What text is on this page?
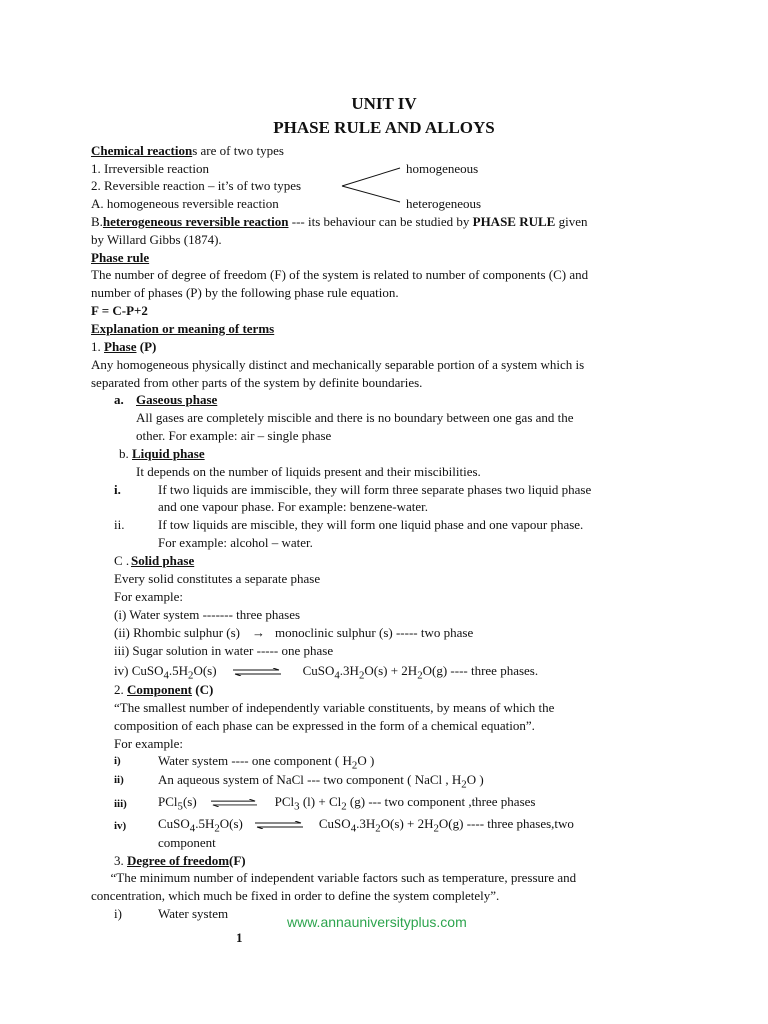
UNIT IV
PHASE RULE AND ALLOYS
Chemical reactions are of two types
1. Irreversible reaction	homogeneous
2. Reversible reaction – it’s of two types
A. homogeneous reversible reaction	heterogeneous
B.heterogeneous reversible reaction --- its behaviour can be studied by PHASE RULE given
by Willard Gibbs (1874).
Phase rule
The number of degree of freedom (F) of the system is related to number of components (C) and
number of phases (P) by the following phase rule equation.
F = C-P+2
Explanation or meaning of terms
1. Phase (P)
Any homogeneous physically distinct and mechanically separable portion of a system which is
separated from other parts of the system by definite boundaries.
a. Gaseous phase
All gases are completely miscible and there is no boundary between one gas and the
other. For example: air – single phase
b. Liquid phase
It depends on the number of liquids present and their miscibilities.
i.	If two liquids are immiscible, they will form three separate phases two liquid phase
and one vapour phase. For example: benzene-water.
ii.	If tow liquids are miscible, they will form one liquid phase and one vapour phase.
For example: alcohol – water.
C . Solid phase
Every solid constitutes a separate phase
For example:
(i) Water system ------- three phases
(ii) Rhombic sulphur (s) → monoclinic sulphur (s) ----- two phase
iii) Sugar solution in water ----- one phase
iv) $CuSO_4.5H_2O(s)$ ⇌ $CuSO_4.3H_2O(s) + 2H_2O(g)$ ---- three phases.
2. Component (C)
“The smallest number of independently variable constituents, by means of which the
composition of each phase can be expressed in the form of a chemical equation”.
For example:
i)	Water system ---- one component ( $H_2O$ )
ii)	An aqueous system of NaCl --- two component ( NaCl , $H_2O$ )
iii) PCl$_5$(s) ⇌ PCl$_3$ $(l) + Cl_2$ (g) --- two component ,three phases
iv) $CuSO_4.5H_2O(s)$ ⇌ $CuSO_4.3H_2O(s) + 2H_2O(g)$ ---- three phases,two
component
3. Degree of freedom(F)
“The minimum number of independent variable factors such as temperature, pressure and
concentration, which much be fixed in order to define the system completely”.
i)	Water system
www.annauniversityplus.com
1
